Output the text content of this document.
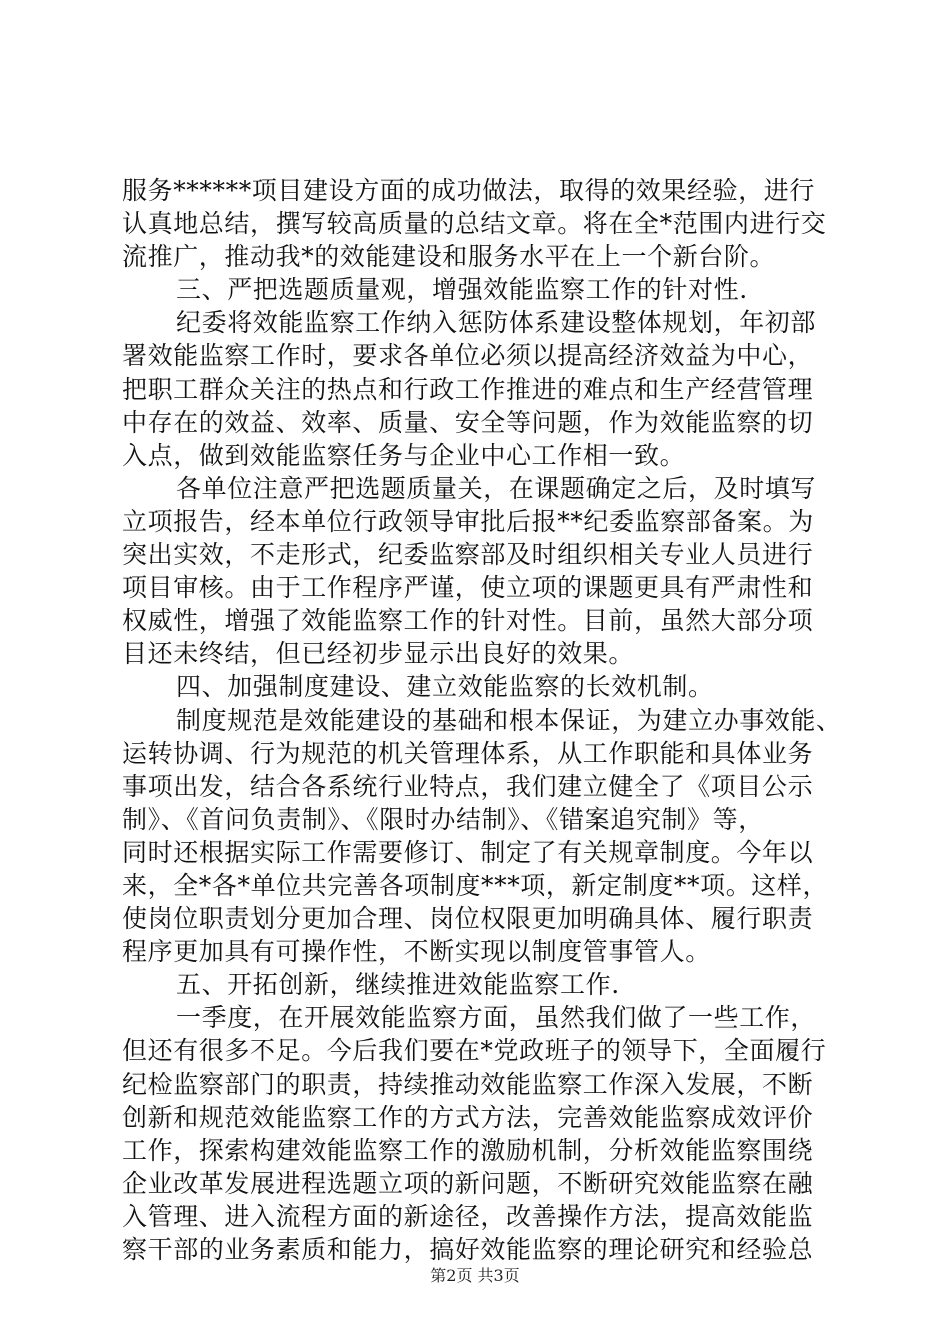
服务******项目建设方面的成功做法，取得的效果经验，进行
认真地总结，撰写较高质量的总结文章。将在全*范围内进行交
流推广，推动我*的效能建设和服务水平在上一个新台阶。
三、严把选题质量观，增强效能监察工作的针对性.
纪委将效能监察工作纳入惩防体系建设整体规划，年初部
署效能监察工作时，要求各单位必须以提高经济效益为中心，
把职工群众关注的热点和行政工作推进的难点和生产经营管理
中存在的效益、效率、质量、安全等问题，作为效能监察的切
入点，做到效能监察任务与企业中心工作相一致。
各单位注意严把选题质量关，在课题确定之后，及时填写
立项报告，经本单位行政领导审批后报**纪委监察部备案。为
突出实效，不走形式，纪委监察部及时组织相关专业人员进行
项目审核。由于工作程序严谨，使立项的课题更具有严肃性和
权威性，增强了效能监察工作的针对性。目前，虽然大部分项
目还未终结，但已经初步显示出良好的效果。
四、加强制度建设、建立效能监察的长效机制。
制度规范是效能建设的基础和根本保证，为建立办事效能、
运转协调、行为规范的机关管理体系，从工作职能和具体业务
事项出发，结合各系统行业特点，我们建立健全了《项目公示
制》、《首问负责制》、《限时办结制》、《错案追究制》等，
同时还根据实际工作需要修订、制定了有关规章制度。今年以
来，全*各*单位共完善各项制度***项，新定制度**项。这样，
使岗位职责划分更加合理、岗位权限更加明确具体、履行职责
程序更加具有可操作性，不断实现以制度管事管人。
五、开拓创新，继续推进效能监察工作.
一季度，在开展效能监察方面，虽然我们做了一些工作，
但还有很多不足。今后我们要在*党政班子的领导下，全面履行
纪检监察部门的职责，持续推动效能监察工作深入发展，不断
创新和规范效能监察工作的方式方法，完善效能监察成效评价
工作，探索构建效能监察工作的激励机制，分析效能监察围绕
企业改革发展进程选题立项的新问题，不断研究效能监察在融
入管理、进入流程方面的新途径，改善操作方法，提高效能监
察干部的业务素质和能力，搞好效能监察的理论研究和经验总
第2页 共3页
